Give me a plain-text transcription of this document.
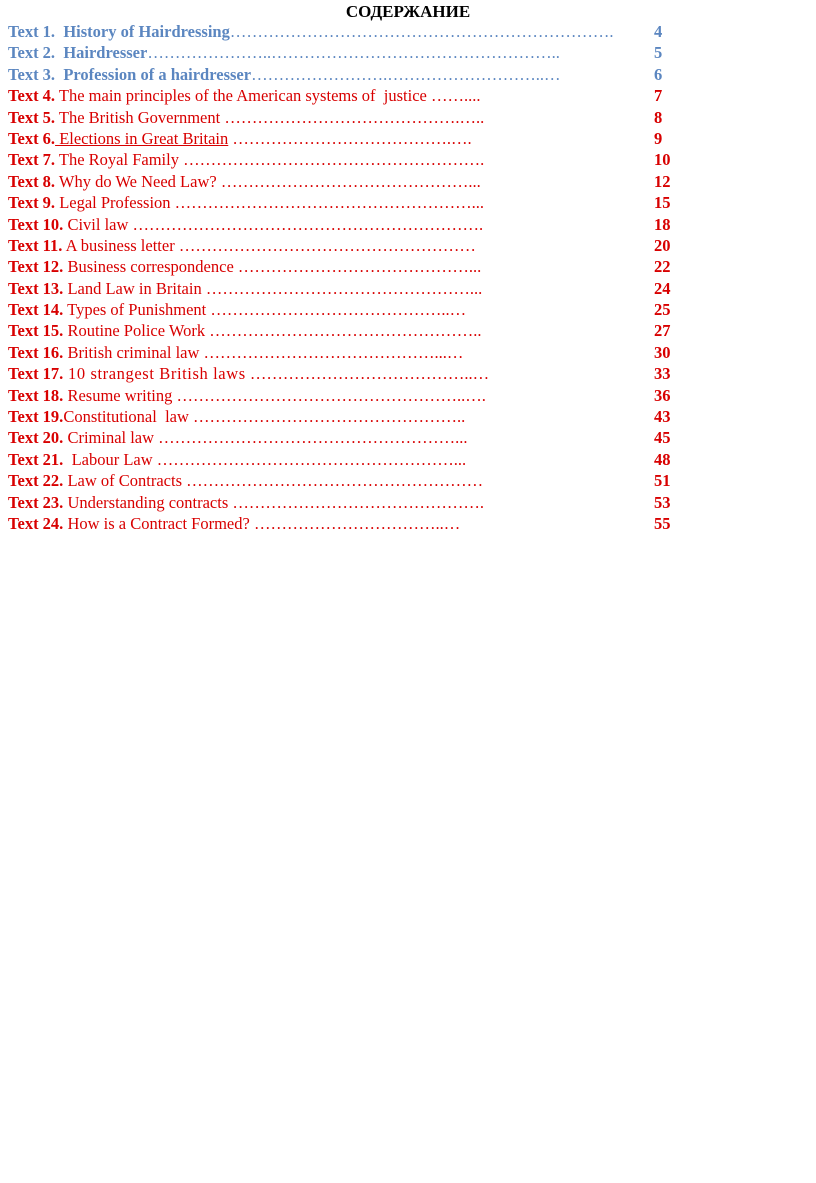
СОДЕРЖАНИЕ
Text 1.  History of Hairdressing……………………………………………………………. 4
Text 2.  Hairdresser…………………..……………………………………………..	5
Text 3.  Profession of a hairdresser…………………….………………………..…	6
Text 4. The main principles of the American systems of  justice ……....	7
Text 5. The British Government …………………………………….…..	8
Text 6. Elections in Great Britain ………………………………….….	9
Text 7. The Royal Family ……………………………………………….	10
Text 8. Why do We Need Law? ………………………………………...	12
Text 9. Legal Profession ………………………………………………...	15
Text 10. Civil law ……………………………………………………….	18
Text 11. A business letter ………………………………………………	20
Text 12. Business correspondence ……………………………………...	22
Text 13. Land Law in Britain …………………………………………...	24
Text 14. Types of Punishment ……………………………………..…	25
Text 15. Routine Police Work …………………………………………..	27
Text 16. British criminal law ……………………………………...…	30
Text 17. 10 strangest British laws …………………………………..…	33
Text 18. Resume writing ……………………………………………..….	36
Text 19.Constitutional  law …………………………………………..	43
Text 20. Criminal law ………………………………………………...	45
Text 21.  Labour Law ………………………………………………...	48
Text 22. Law of Contracts ………………………………………………	51
Text 23. Understanding contracts ……………………………………….	53
Text 24. How is a Contract Formed? ……………………………..…	55
